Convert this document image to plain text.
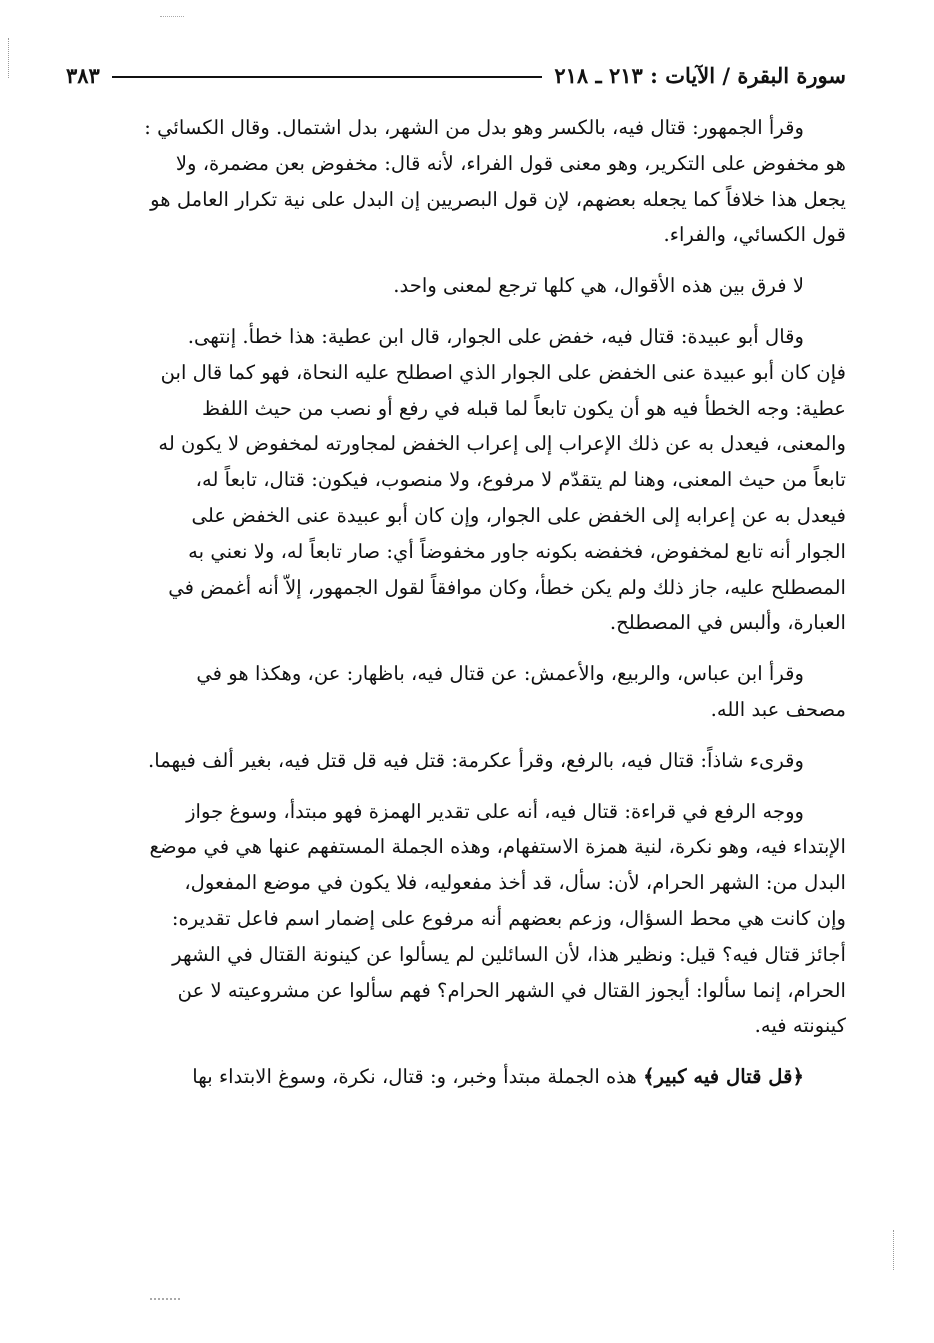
سورة البقرة / الآيات : ٢١٣ ـ ٢١٨
٣٨٣

وقرأ الجمهور: قتال فيه، بالكسر وهو بدل من الشهر، بدل اشتمال. وقال الكسائي :

هو مخفوض على التكرير، وهو معنى قول الفراء، لأنه قال: مخفوض بعن مضمرة، ولا

يجعل هذا خلافاً كما يجعله بعضهم، لإن قول البصريين إن البدل على نية تكرار العامل هو

قول الكسائي، والفراء.

لا فرق بين هذه الأقوال، هي كلها ترجع لمعنى واحد.

وقال أبو عبيدة: قتال فيه، خفض على الجوار، قال ابن عطية: هذا خطأ. إنتهى.

فإن كان أبو عبيدة عنى الخفض على الجوار الذي اصطلح عليه النحاة، فهو كما قال ابن

عطية: وجه الخطأ فيه هو أن يكون تابعاً لما قبله في رفع أو نصب من حيث اللفظ

والمعنى، فيعدل به عن ذلك الإعراب إلى إعراب الخفض لمجاورته لمخفوض لا يكون له

تابعاً من حيث المعنى، وهنا لم يتقدّم لا مرفوع، ولا منصوب، فيكون: قتال، تابعاً له،

فيعدل به عن إعرابه إلى الخفض على الجوار، وإن كان أبو عبيدة عنى الخفض على

الجوار أنه تابع لمخفوض، فخفضه بكونه جاور مخفوضاً أي: صار تابعاً له، ولا نعني به

المصطلح عليه، جاز ذلك ولم يكن خطأ، وكان موافقاً لقول الجمهور، إلاّ أنه أغمض في

العبارة، وألبس في المصطلح.

وقرأ ابن عباس، والربيع، والأعمش: عن قتال فيه، باظهار: عن، وهكذا هو في

مصحف عبد الله.

وقرىء شاذاً: قتال فيه، بالرفع، وقرأ عكرمة: قتل فيه قل قتل فيه، بغير ألف فيهما.

ووجه الرفع في قراءة: قتال فيه، أنه على تقدير الهمزة فهو مبتدأ، وسوغ جواز

الإبتداء فيه، وهو نكرة، لنية همزة الاستفهام، وهذه الجملة المستفهم عنها هي في موضع

البدل من: الشهر الحرام، لأن: سأل، قد أخذ مفعوليه، فلا يكون في موضع المفعول،

وإن كانت هي محط السؤال، وزعم بعضهم أنه مرفوع على إضمار اسم فاعل تقديره:

أجائز قتال فيه؟ قيل: ونظير هذا، لأن السائلين لم يسألوا عن كينونة القتال في الشهر

الحرام، إنما سألوا: أيجوز القتال في الشهر الحرام؟ فهم سألوا عن مشروعيته لا عن

كينونته فيه.

﴿قل قتال فيه كبير﴾ هذه الجملة مبتدأ وخبر، و: قتال، نكرة، وسوغ الابتداء بها
